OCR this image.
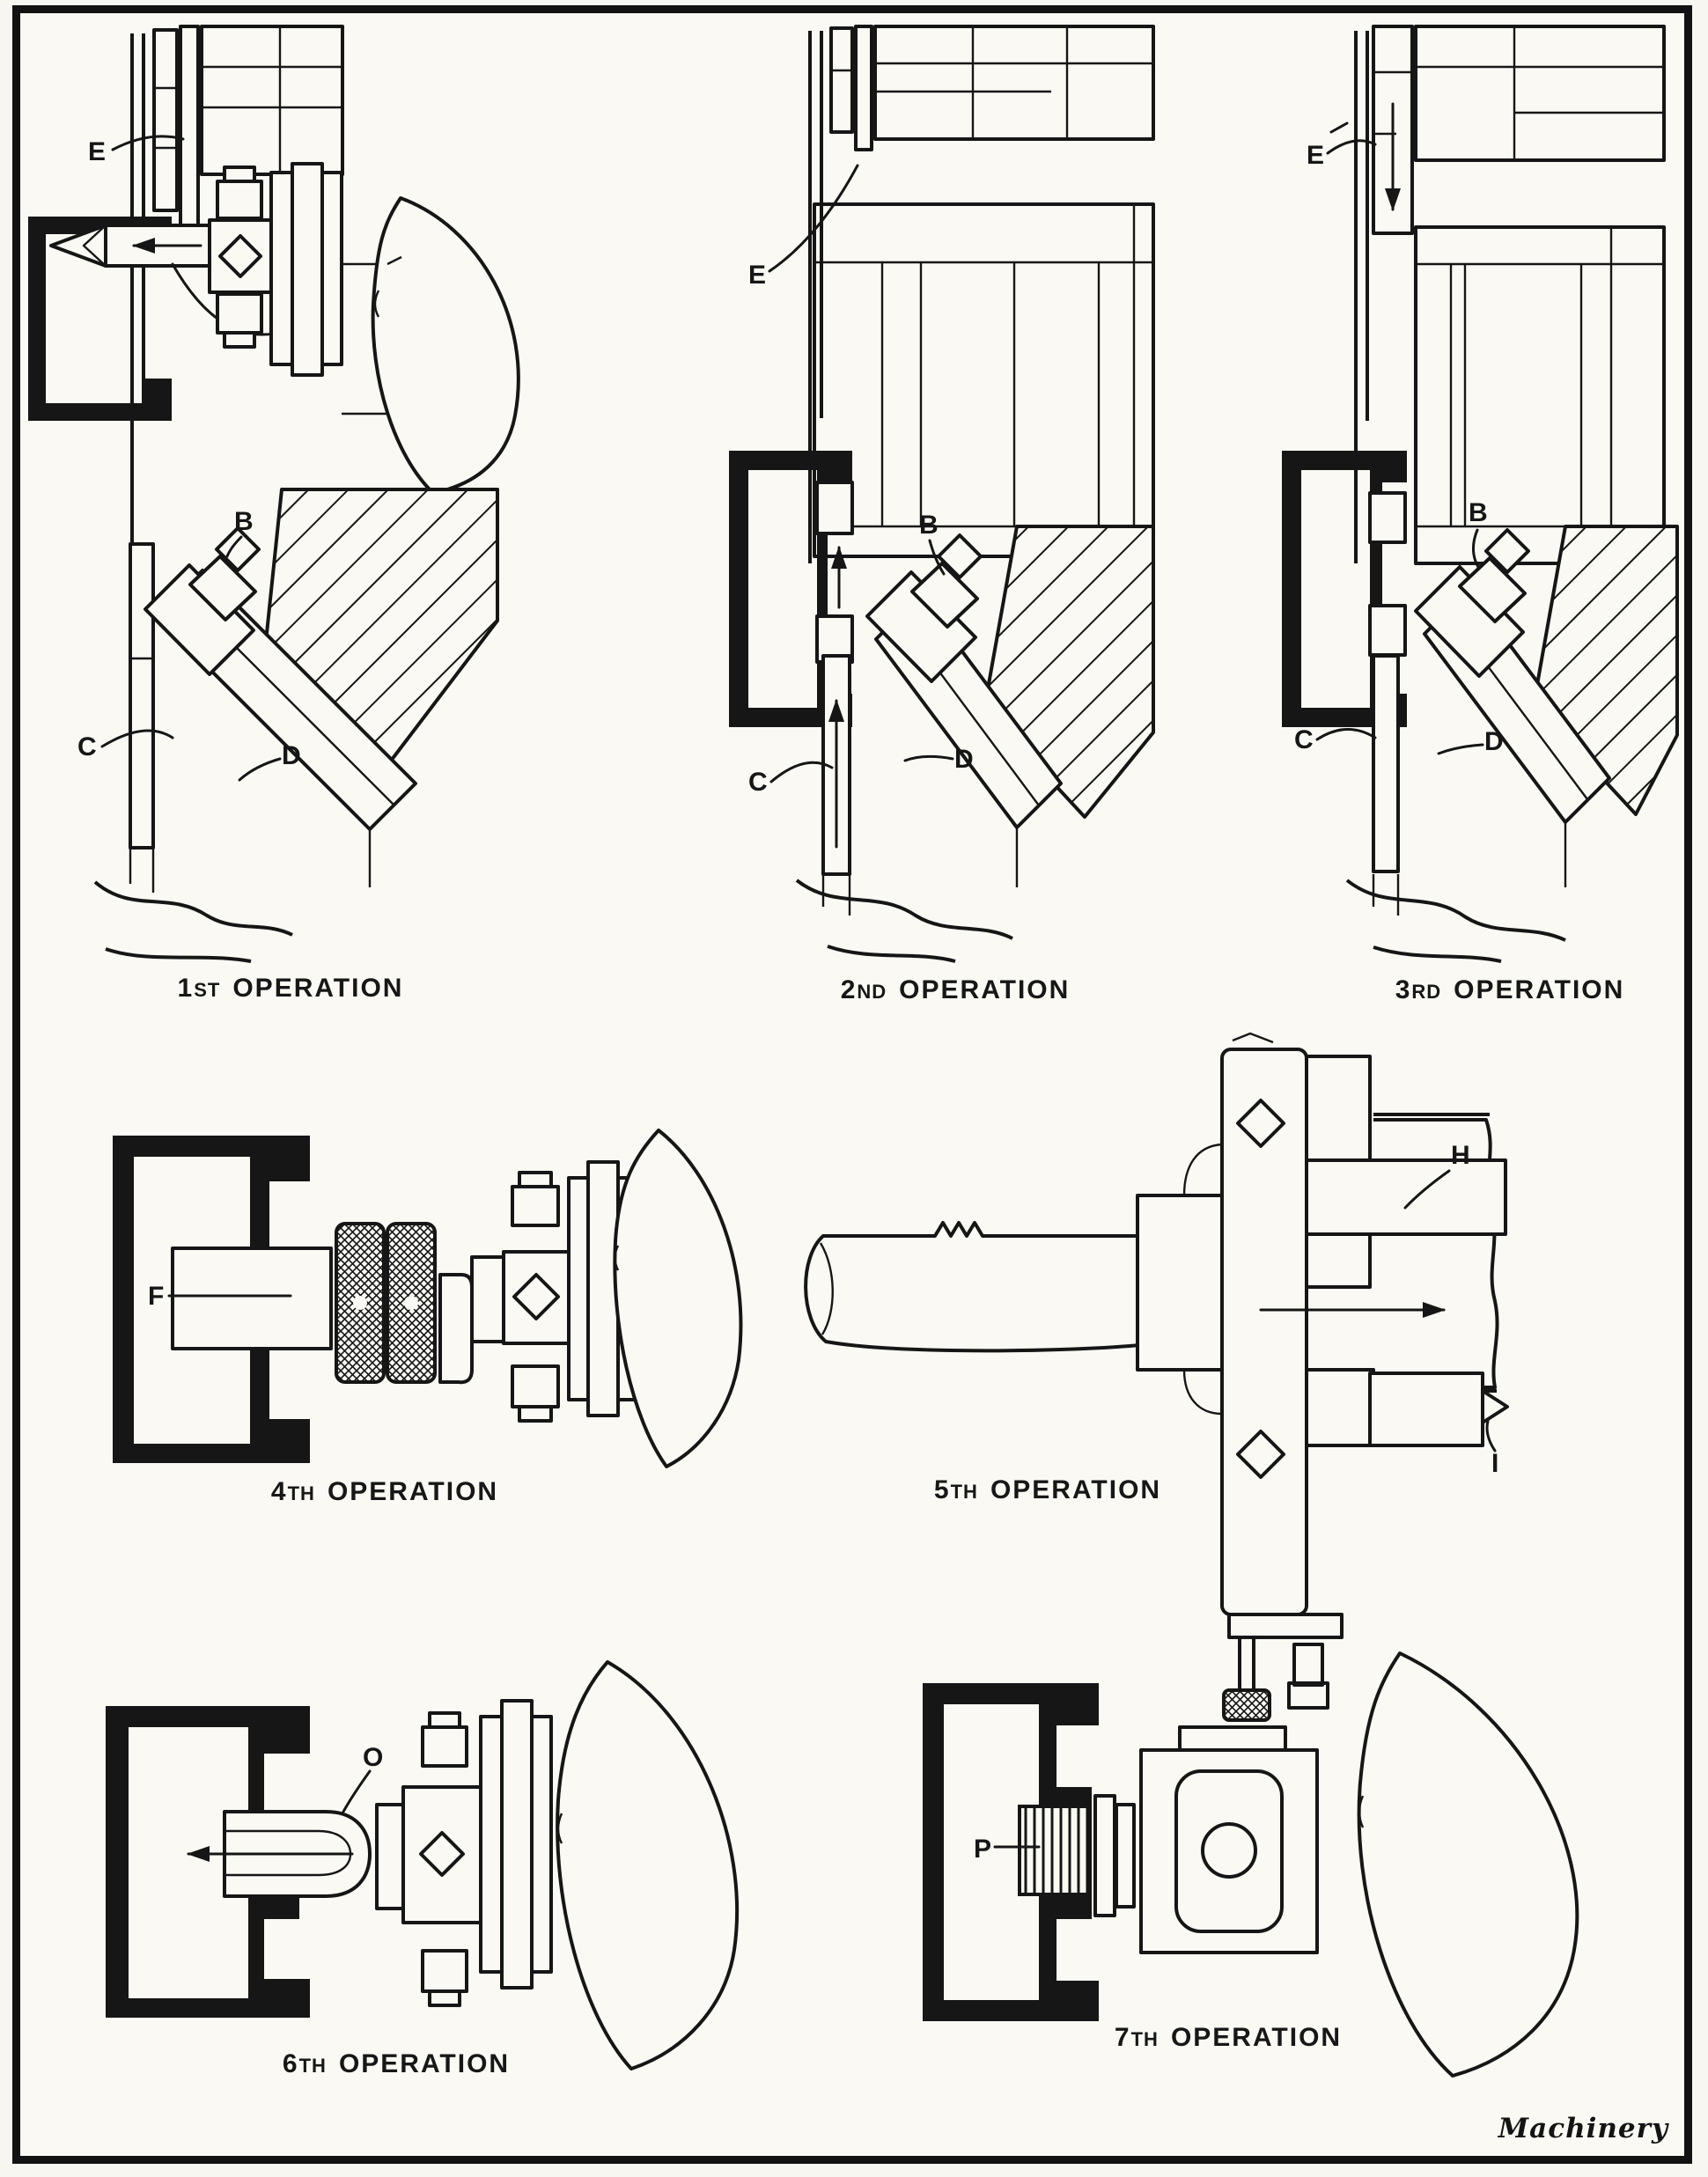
E
C
B
D
E
C
B
D
E
C
B
D
F
H
I
O
P
1ST OPERATION	2ND OPERATION	3RD OPERATION
4TH OPERATION	5TH OPERATION
6TH OPERATION
7TH OPERATION
Machinery
